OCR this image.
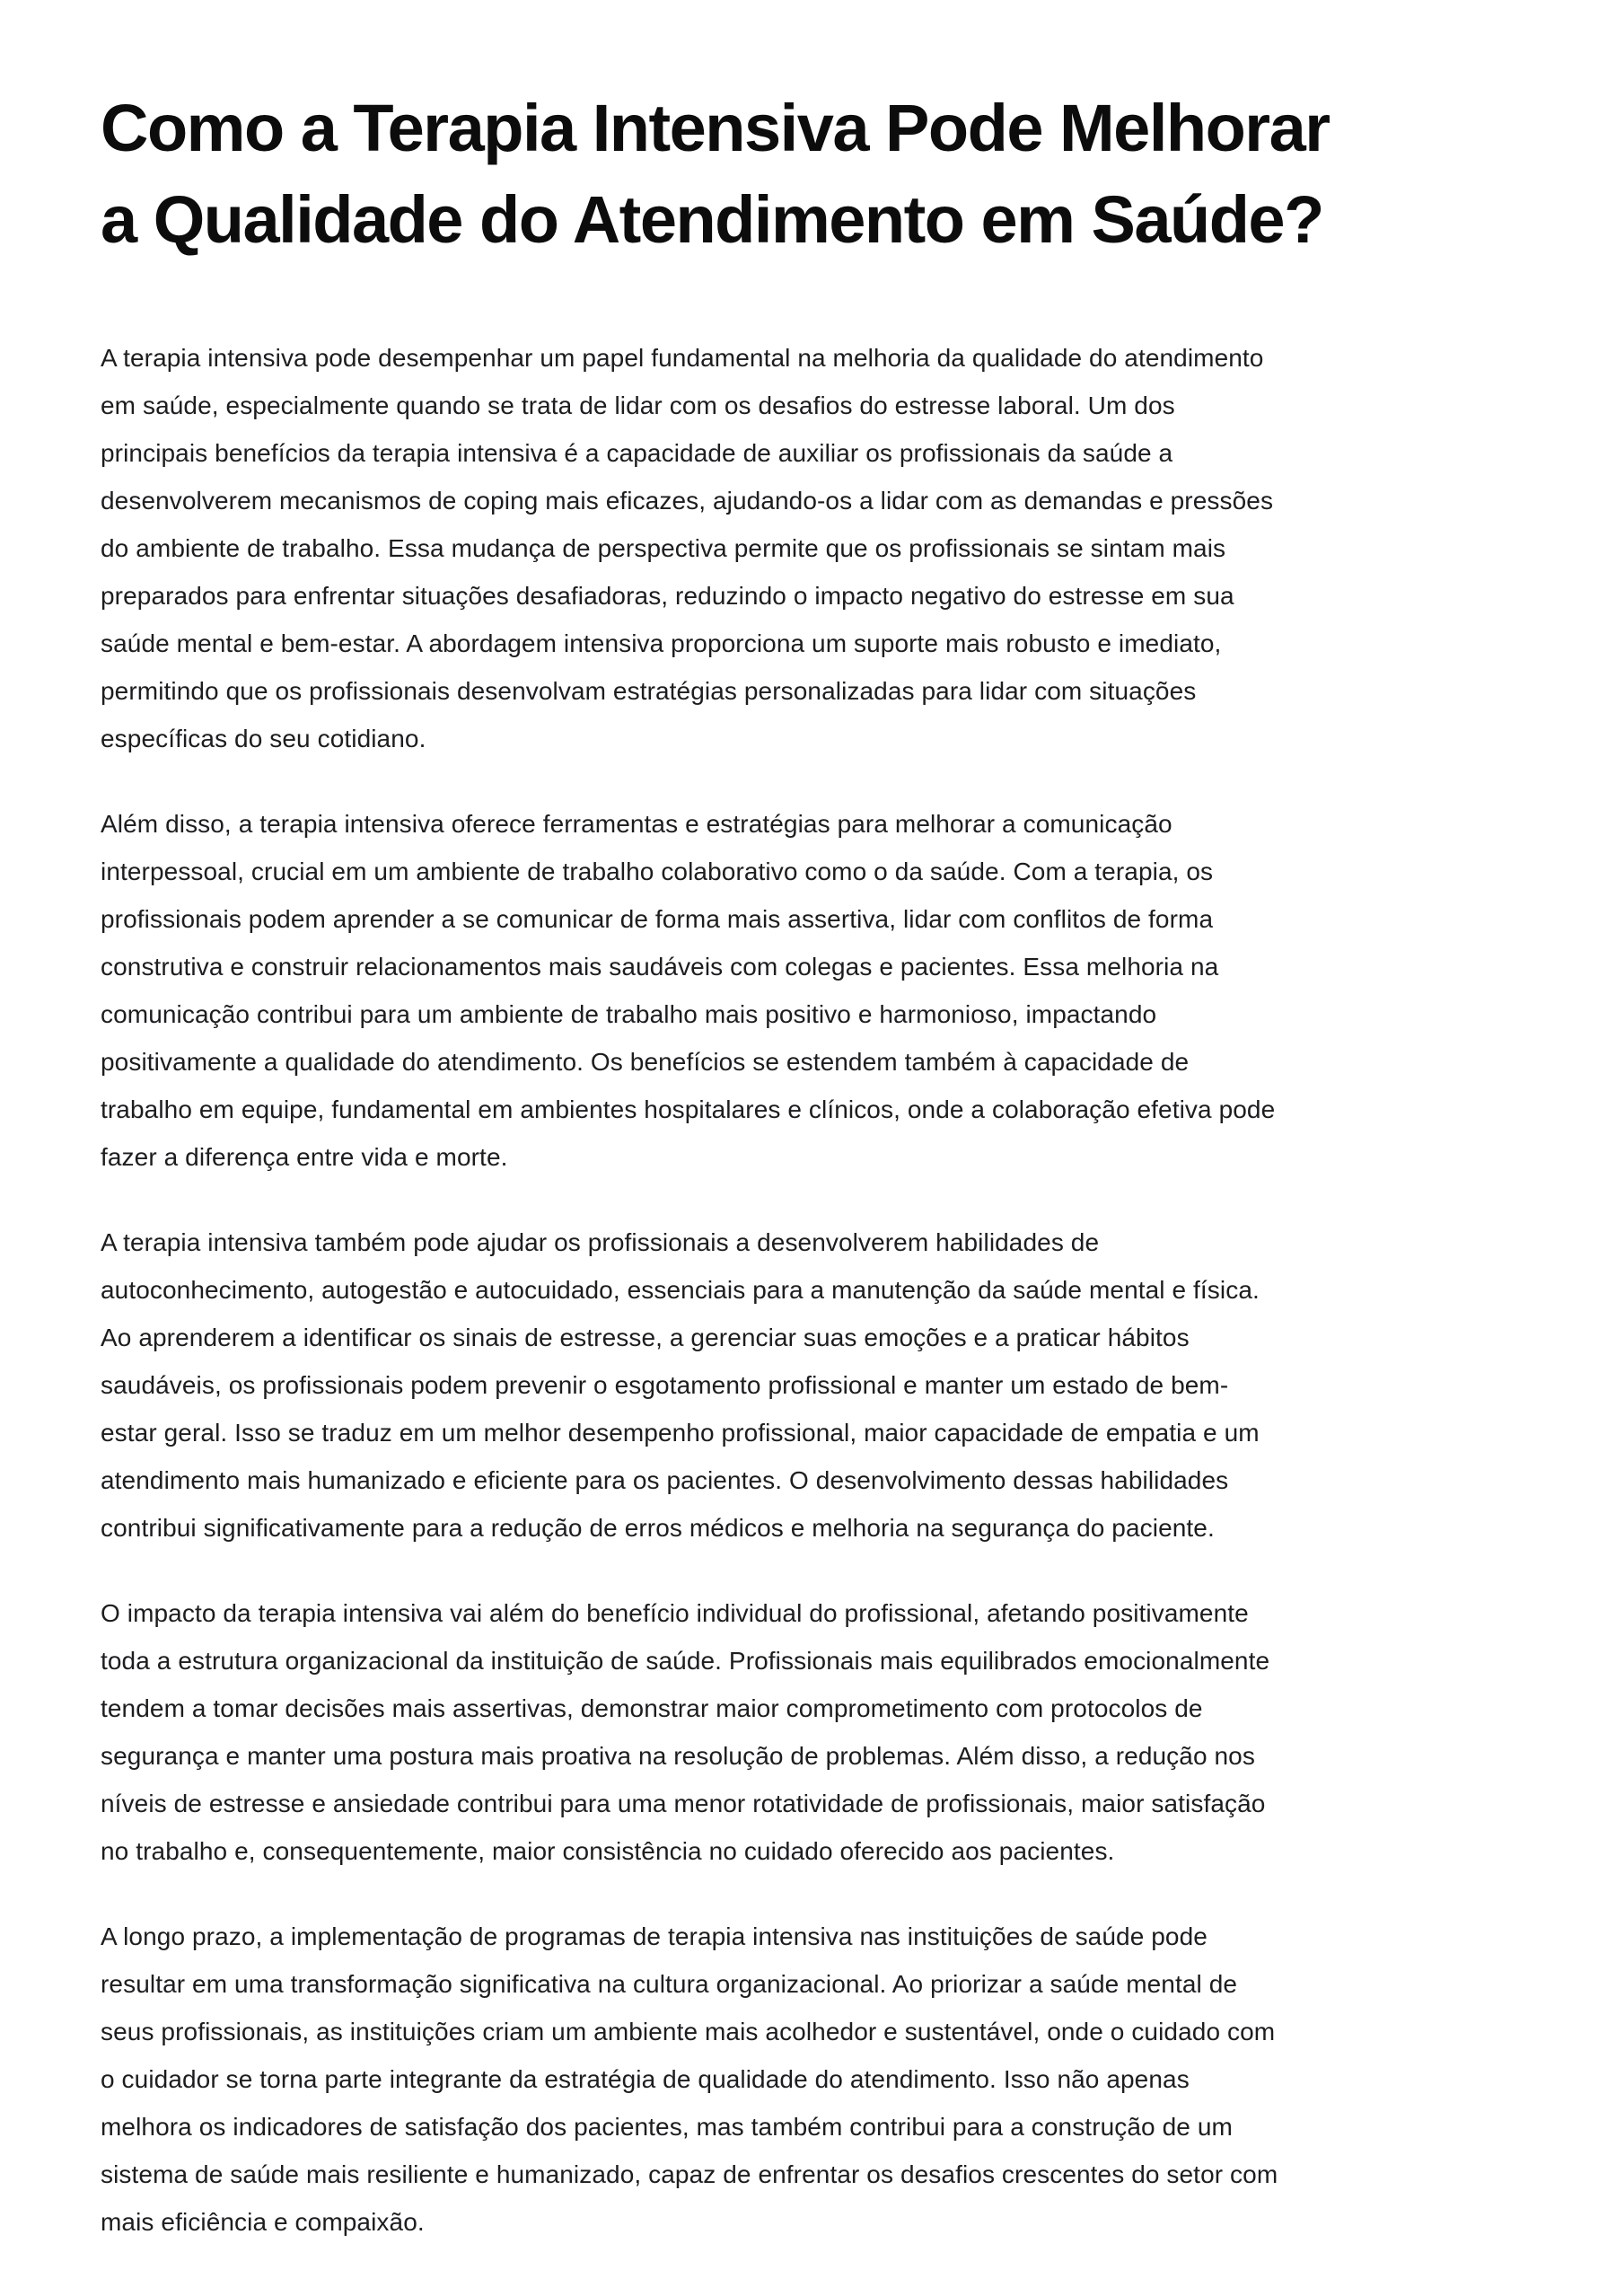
Como a Terapia Intensiva Pode Melhorar
a Qualidade do Atendimento em Saúde?

A terapia intensiva pode desempenhar um papel fundamental na melhoria da qualidade do atendimento
em saúde, especialmente quando se trata de lidar com os desafios do estresse laboral. Um dos
principais benefícios da terapia intensiva é a capacidade de auxiliar os profissionais da saúde a
desenvolverem mecanismos de coping mais eficazes, ajudando-os a lidar com as demandas e pressões
do ambiente de trabalho. Essa mudança de perspectiva permite que os profissionais se sintam mais
preparados para enfrentar situações desafiadoras, reduzindo o impacto negativo do estresse em sua
saúde mental e bem-estar. A abordagem intensiva proporciona um suporte mais robusto e imediato,
permitindo que os profissionais desenvolvam estratégias personalizadas para lidar com situações
específicas do seu cotidiano.

Além disso, a terapia intensiva oferece ferramentas e estratégias para melhorar a comunicação
interpessoal, crucial em um ambiente de trabalho colaborativo como o da saúde. Com a terapia, os
profissionais podem aprender a se comunicar de forma mais assertiva, lidar com conflitos de forma
construtiva e construir relacionamentos mais saudáveis com colegas e pacientes. Essa melhoria na
comunicação contribui para um ambiente de trabalho mais positivo e harmonioso, impactando
positivamente a qualidade do atendimento. Os benefícios se estendem também à capacidade de
trabalho em equipe, fundamental em ambientes hospitalares e clínicos, onde a colaboração efetiva pode
fazer a diferença entre vida e morte.

A terapia intensiva também pode ajudar os profissionais a desenvolverem habilidades de
autoconhecimento, autogestão e autocuidado, essenciais para a manutenção da saúde mental e física.
Ao aprenderem a identificar os sinais de estresse, a gerenciar suas emoções e a praticar hábitos
saudáveis, os profissionais podem prevenir o esgotamento profissional e manter um estado de bem-
estar geral. Isso se traduz em um melhor desempenho profissional, maior capacidade de empatia e um
atendimento mais humanizado e eficiente para os pacientes. O desenvolvimento dessas habilidades
contribui significativamente para a redução de erros médicos e melhoria na segurança do paciente.

O impacto da terapia intensiva vai além do benefício individual do profissional, afetando positivamente
toda a estrutura organizacional da instituição de saúde. Profissionais mais equilibrados emocionalmente
tendem a tomar decisões mais assertivas, demonstrar maior comprometimento com protocolos de
segurança e manter uma postura mais proativa na resolução de problemas. Além disso, a redução nos
níveis de estresse e ansiedade contribui para uma menor rotatividade de profissionais, maior satisfação
no trabalho e, consequentemente, maior consistência no cuidado oferecido aos pacientes.

A longo prazo, a implementação de programas de terapia intensiva nas instituições de saúde pode
resultar em uma transformação significativa na cultura organizacional. Ao priorizar a saúde mental de
seus profissionais, as instituições criam um ambiente mais acolhedor e sustentável, onde o cuidado com
o cuidador se torna parte integrante da estratégia de qualidade do atendimento. Isso não apenas
melhora os indicadores de satisfação dos pacientes, mas também contribui para a construção de um
sistema de saúde mais resiliente e humanizado, capaz de enfrentar os desafios crescentes do setor com
mais eficiência e compaixão.
